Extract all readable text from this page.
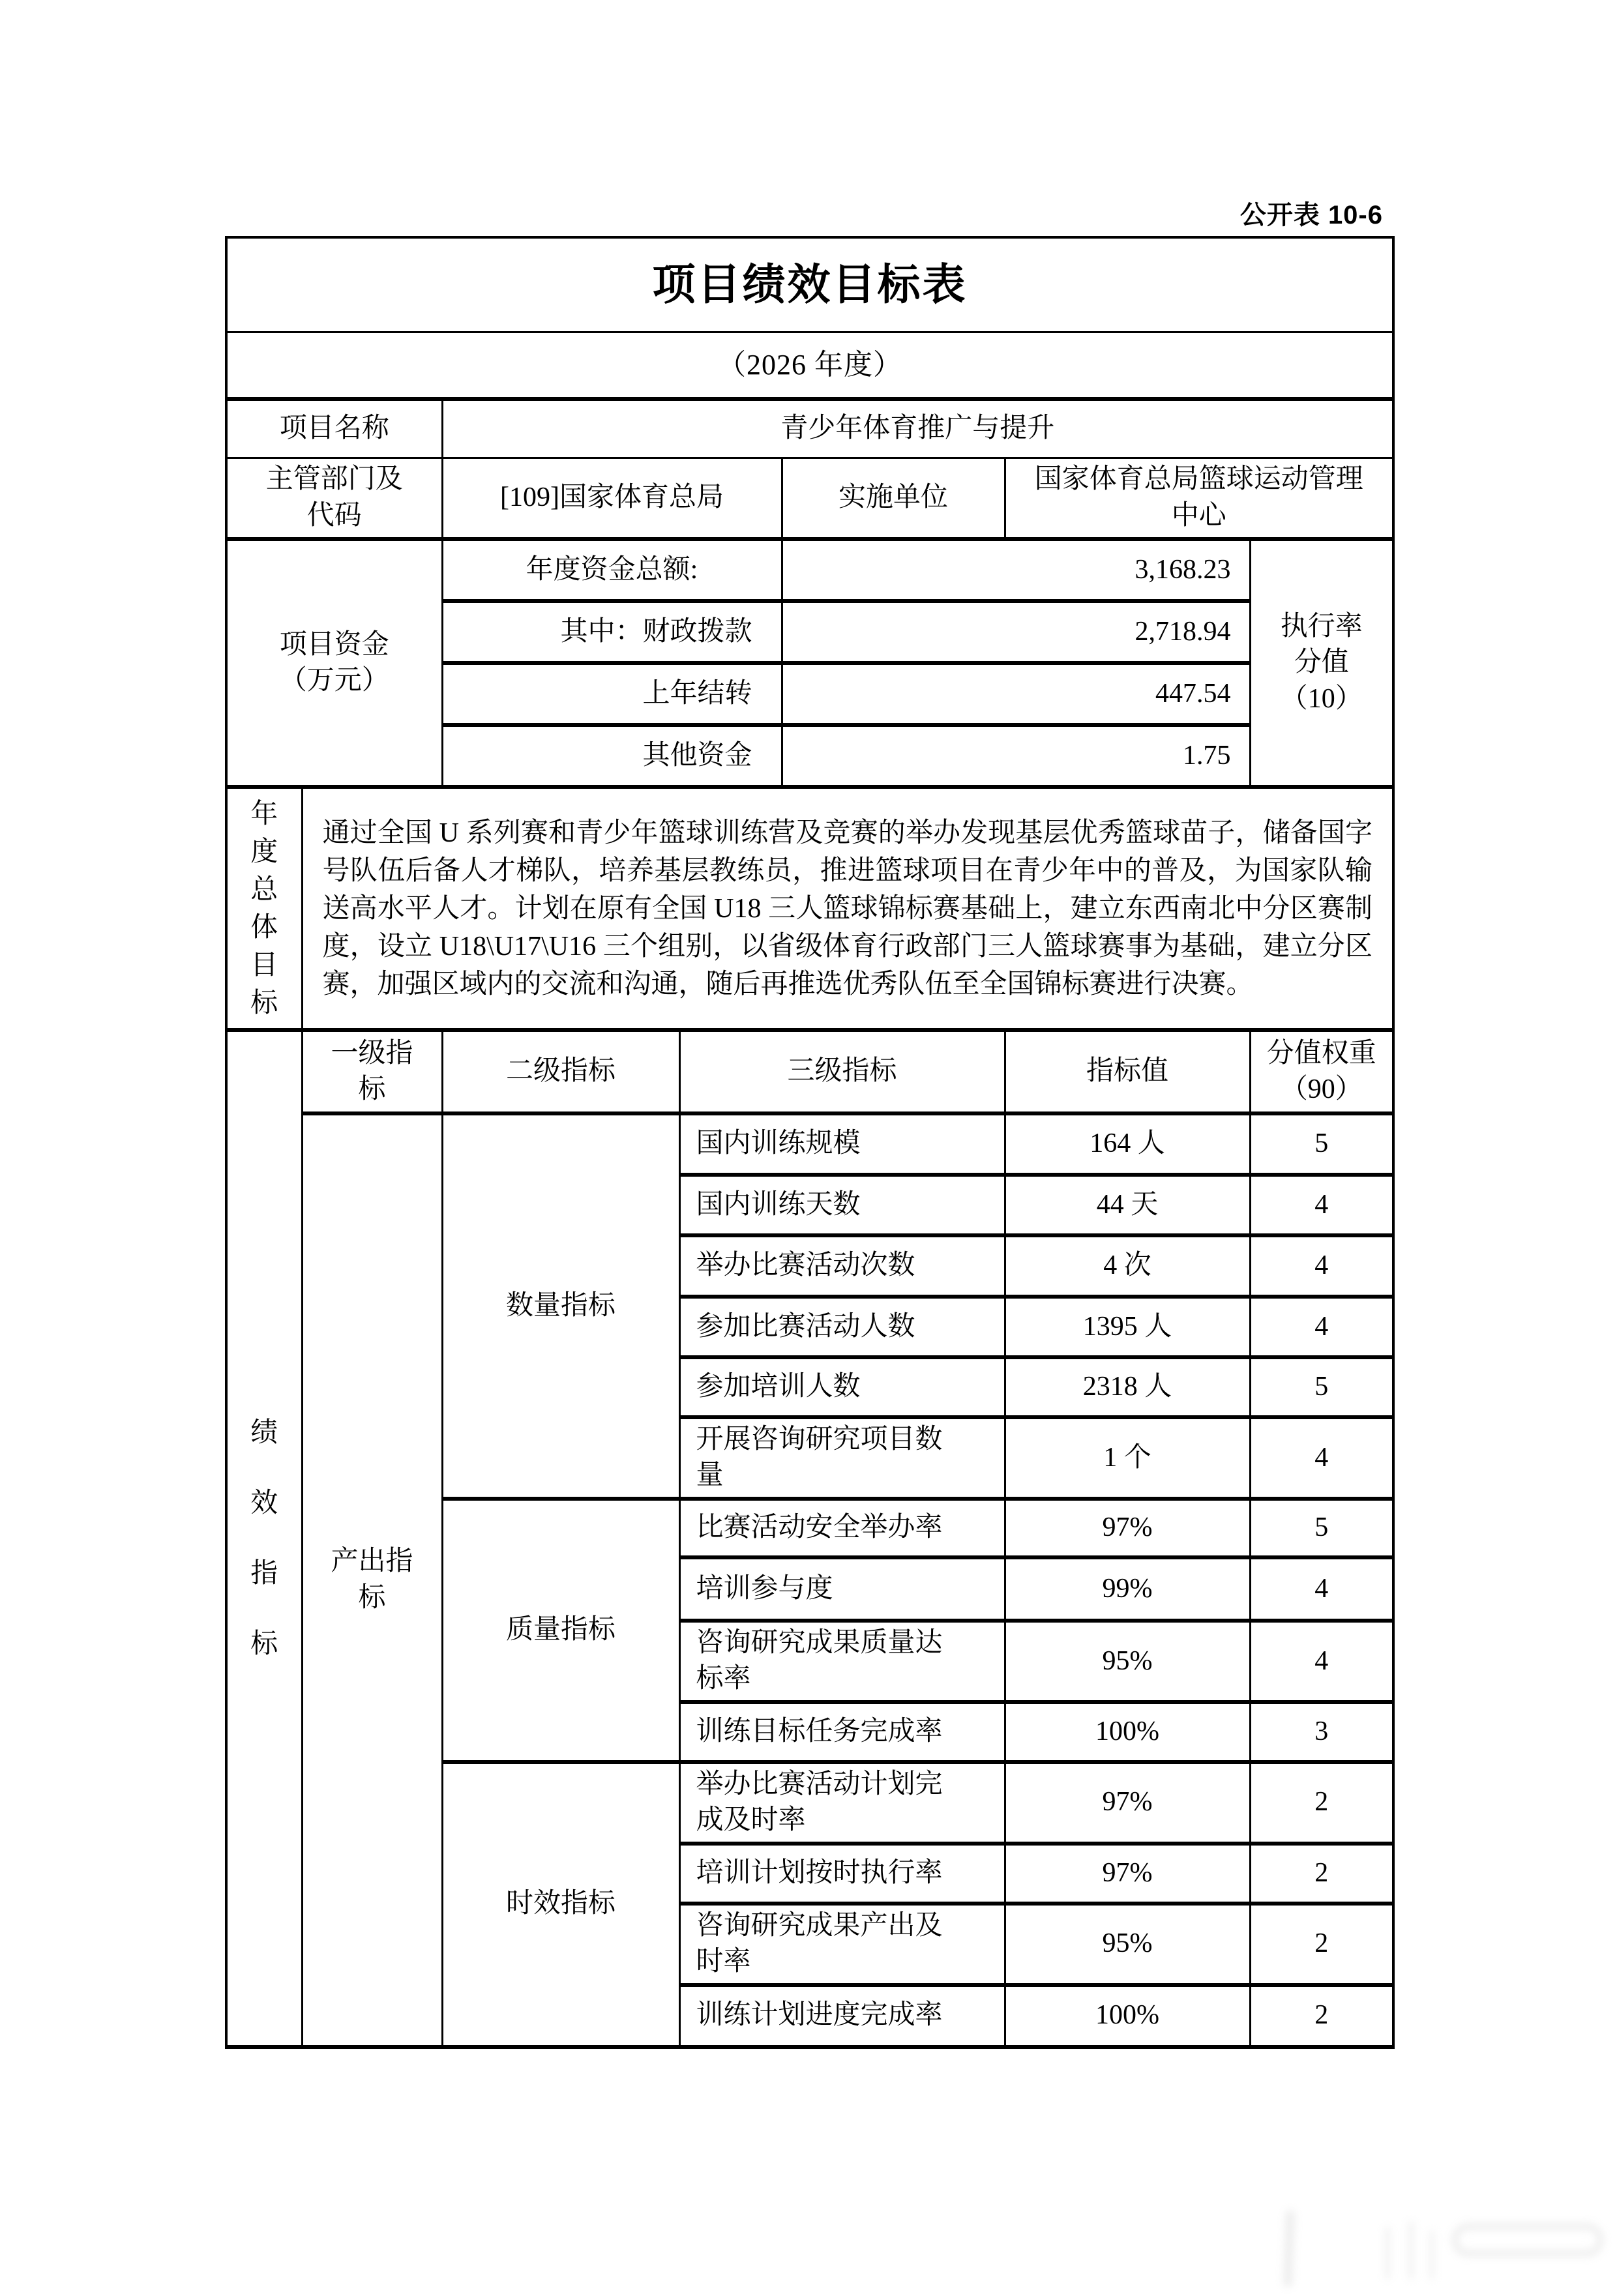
公开表 10-6
项目绩效目标表						
（2026 年度）						
项目名称		青少年体育推广与提升				
主管部门及代码		[109]国家体育总局		实施单位	国家体育总局篮球运动管理中心	
项目资金（万元）		年度资金总额:		3,168.23		执行率分值（10）
		其中：财政拨款		2,718.94		
		上年结转		447.54		
		其他资金		1.75		
年度总体目标	通过全国 U 系列赛和青少年篮球训练营及竞赛的举办发现基层优秀篮球苗子，储备国字号队伍后备人才梯队，培养基层教练员，推进篮球项目在青少年中的普及，为国家队输送高水平人才。计划在原有全国 U18 三人篮球锦标赛基础上，建立东西南北中分区赛制度，设立 U18\U17\U16 三个组别，以省级体育行政部门三人篮球赛事为基础，建立分区赛，加强区域内的交流和沟通，随后再推选优秀队伍至全国锦标赛进行决赛。					
绩效指标	一级指标	二级指标	三级指标		指标值	分值权重（90）
	产出指标	数量指标	国内训练规模		164 人	5
			国内训练天数		44 天	4
			举办比赛活动次数		4 次	4
			参加比赛活动人数		1395 人	4
			参加培训人数		2318 人	5
			开展咨询研究项目数量		1 个	4
		质量指标	比赛活动安全举办率		97%	5
			培训参与度		99%	4
			咨询研究成果质量达标率		95%	4
			训练目标任务完成率		100%	3
		时效指标	举办比赛活动计划完成及时率		97%	2
			培训计划按时执行率		97%	2
			咨询研究成果产出及时率		95%	2
			训练计划进度完成率		100%	2
